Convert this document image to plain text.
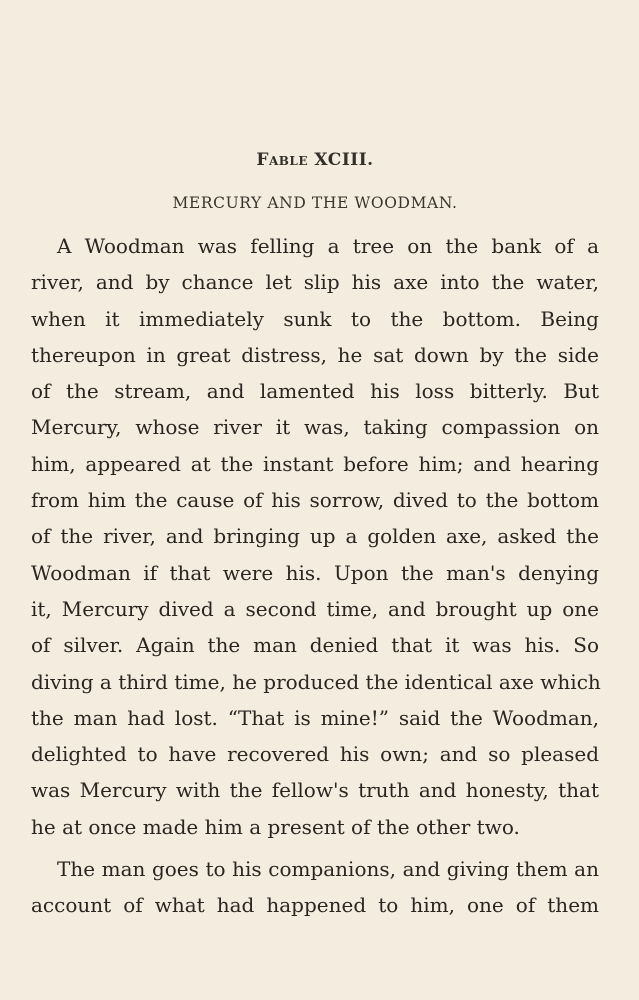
Fable XCIII.
MERCURY AND THE WOODMAN.

A Woodman was felling a tree on the bank of a
river, and by chance let slip his axe into the water,
when it immediately sunk to the bottom. Being
thereupon in great distress, he sat down by the side
of the stream, and lamented his loss bitterly. But
Mercury, whose river it was, taking compassion on
him, appeared at the instant before him; and hearing
from him the cause of his sorrow, dived to the bottom
of the river, and bringing up a golden axe, asked the
Woodman if that were his. Upon the man's denying
it, Mercury dived a second time, and brought up one
of silver. Again the man denied that it was his. So
diving a third time, he produced the identical axe which
the man had lost. “That is mine!” said the Woodman,
delighted to have recovered his own; and so pleased
was Mercury with the fellow's truth and honesty, that
he at once made him a present of the other two.

The man goes to his companions, and giving them an
account of what had happened to him, one of them
